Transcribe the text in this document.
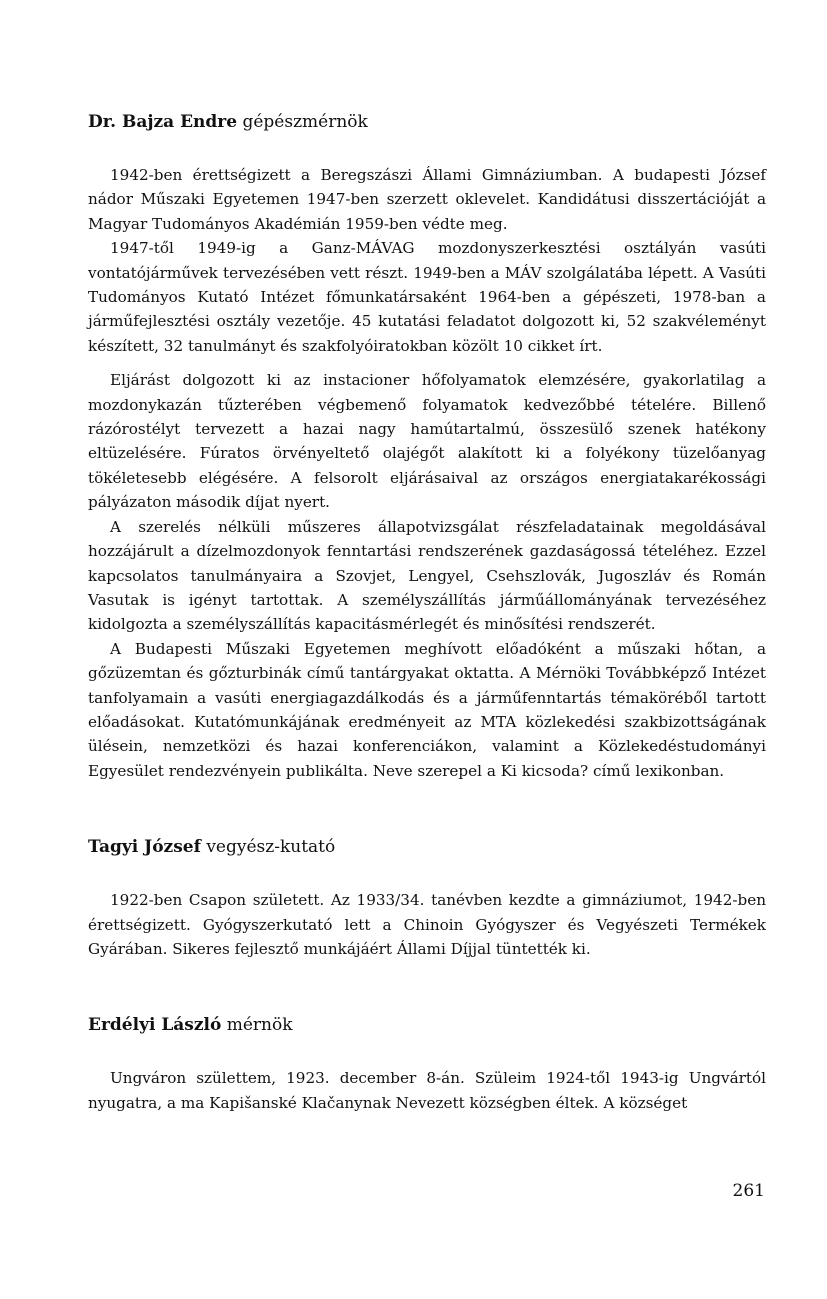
Dr. Bajza Endre gépészmérnök

1942-ben érettségizett a Beregszászi Állami Gimnáziumban. A budapesti József nádor Műszaki Egyetemen 1947-ben szerzett oklevelet. Kandidátusi disszertációját a Magyar Tudományos Akadémián 1959-ben védte meg.

1947-től 1949-ig a Ganz-MÁVAG mozdonyszerkesztési osztályán vasúti vontatójárművek tervezésében vett részt. 1949-ben a MÁV szolgálatába lépett. A Vasúti Tudományos Kutató Intézet főmunkatársaként 1964-ben a gépészeti, 1978-ban a járműfejlesztési osztály vezetője. 45 kutatási feladatot dolgozott ki, 52 szakvéleményt készített, 32 tanulmányt és szakfolyóiratokban közölt 10 cikket írt.

Eljárást dolgozott ki az instacioner hőfolyamatok elemzésére, gyakorlatilag a mozdonykazán tűzterében végbemenő folyamatok kedvezőbbé tételére. Billenő rázórostélyt tervezett a hazai nagy hamútartalmú, összesülő szenek hatékony eltüzelésére. Fúratos örvényeltető olajégőt alakított ki a folyékony tüzelőanyag tökéletesebb elégésére. A felsorolt eljárásaival az országos energiatakarékossági pályázaton második díjat nyert.

A szerelés nélküli műszeres állapotvizsgálat részfeladatainak megoldásával hozzájárult a dízelmozdonyok fenntartási rendszerének gazdaságossá tételéhez. Ezzel kapcsolatos tanulmányaira a Szovjet, Lengyel, Csehszlovák, Jugoszláv és Román Vasutak is igényt tartottak. A személyszállítás járműállományának tervezéséhez kidolgozta a személyszállítás kapacitásmérlegét és minősítési rendszerét.

A Budapesti Műszaki Egyetemen meghívott előadóként a műszaki hőtan, a gőzüzemtan és gőzturbinák című tantárgyakat oktatta. A Mérnöki Továbbképző Intézet tanfolyamain a vasúti energiagazdálkodás és a járműfenntartás témaköréből tartott előadásokat. Kutatómunkájának eredményeit az MTA közlekedési szakbizottságának ülésein, nemzetközi és hazai konferenciákon, valamint a Közlekedéstudományi Egyesület rendezvényein publikálta. Neve szerepel a Ki kicsoda? című lexikonban.

Tagyi József vegyész-kutató

1922-ben Csapon született. Az 1933/34. tanévben kezdte a gimnáziumot, 1942-ben érettségizett. Gyógyszerkutató lett a Chinoin Gyógyszer és Vegyészeti Termékek Gyárában. Sikeres fejlesztő munkájáért Állami Díjjal tüntették ki.

Erdélyi László mérnök

Ungváron születtem, 1923. december 8-án. Szüleim 1924-től 1943-ig Ungvártól nyugatra, a ma Kapišanské Klačanynak Nevezett községben éltek. A községet

261
